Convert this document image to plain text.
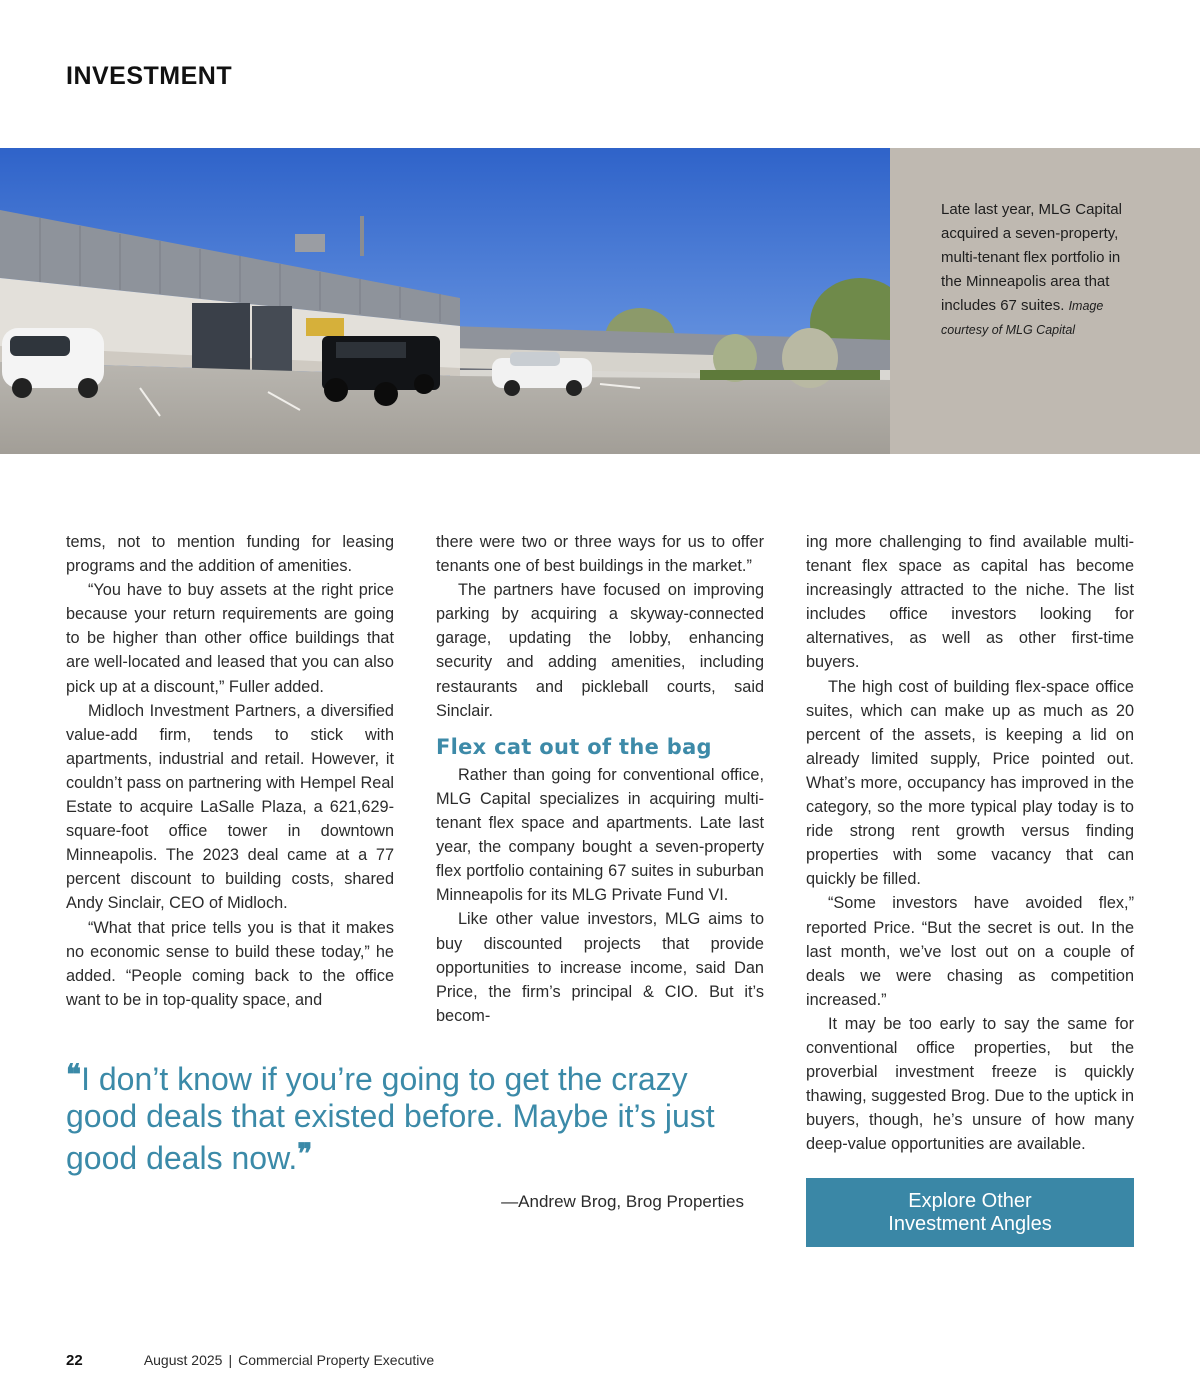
INVESTMENT
Late last year, MLG Capital acquired a seven-property, multi-tenant flex portfolio in the Minneapolis area that includes 67 suites. Image courtesy of MLG Capital

tems, not to mention funding for leasing programs and the addition of amenities.

“You have to buy assets at the right price because your return requirements are going to be higher than other office buildings that are well-located and leased that you can also pick up at a discount,” Fuller added.

Midloch Investment Partners, a diversified value-add firm, tends to stick with apartments, industrial and retail. However, it couldn’t pass on partnering with Hempel Real Estate to acquire LaSalle Plaza, a 621,629-square-foot office tower in downtown Minneapolis. The 2023 deal came at a 77 percent discount to building costs, shared Andy Sinclair, CEO of Midloch.

“What that price tells you is that it makes no economic sense to build these today,” he added. “People coming back to the office want to be in top-quality space, and

there were two or three ways for us to offer tenants one of best buildings in the market.”

The partners have focused on improving parking by acquiring a skyway-connected garage, updating the lobby, enhancing security and adding amenities, including restaurants and pickleball courts, said Sinclair.

Flex cat out of the bag

Rather than going for conventional office, MLG Capital specializes in acquiring multi-tenant flex space and apartments. Late last year, the company bought a seven-property flex portfolio containing 67 suites in suburban Minneapolis for its MLG Private Fund VI.

Like other value investors, MLG aims to buy discounted projects that provide opportunities to increase income, said Dan Price, the firm’s principal & CIO. But it’s becom-

ing more challenging to find available multi-tenant flex space as capital has become increasingly attracted to the niche. The list includes office investors looking for alternatives, as well as other first-time buyers.

The high cost of building flex-space office suites, which can make up as much as 20 percent of the assets, is keeping a lid on already limited supply, Price pointed out. What’s more, occupancy has improved in the category, so the more typical play today is to ride strong rent growth versus finding properties with some vacancy that can quickly be filled.

“Some investors have avoided flex,” reported Price. “But the secret is out. In the last month, we’ve lost out on a couple of deals we were chasing as competition increased.”

It may be too early to say the same for conventional office properties, but the proverbial investment freeze is quickly thawing, suggested Brog. Due to the uptick in buyers, though, he’s unsure of how many deep-value opportunities are available.

❝I don’t know if you’re going to get the crazy good deals that existed before. Maybe it’s just good deals now.❞
—Andrew Brog, Brog Properties	Explore Other
Investment Angles
22	August 2025 | Commercial Property Executive
